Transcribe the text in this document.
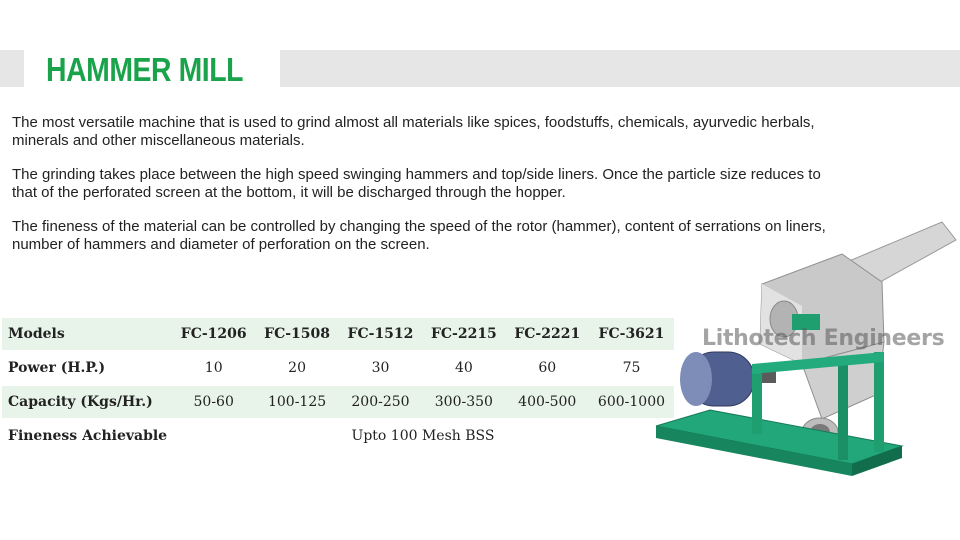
HAMMER MILL

The most versatile machine that is used to grind almost all materials like spices, foodstuffs, chemicals, ayurvedic herbals, minerals and other miscellaneous materials.

The grinding takes place between the high speed swinging hammers and top/side liners. Once the particle size reduces to that of the perforated screen at the bottom, it will be discharged through the hopper.

The fineness of the material can be controlled by changing the speed of the rotor (hammer), content of serrations on liners, number of hammers and diameter of perforation on the screen.

Models	FC-1206	FC-1508	FC-1512	FC-2215	FC-2221	FC-3621
Power (H.P.)	10	20	30	40	60	75
Capacity (Kgs/Hr.)	50-60	100-125	200-250	300-350	400-500	600-1000
Fineness Achievable	Upto 100 Mesh BSS					
Lithotech Engineers
